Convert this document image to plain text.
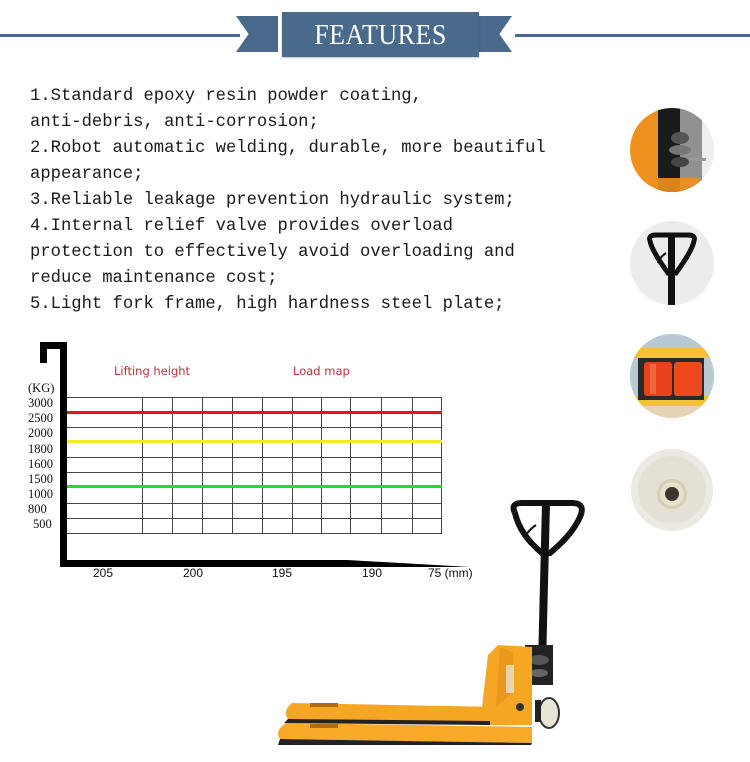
FEATURES
1.Standard epoxy resin powder coating,
anti-debris, anti-corrosion;
2.Robot automatic welding, durable, more beautiful
appearance;
3.Reliable leakage prevention hydraulic system;
4.Internal relief valve provides overload
protection to effectively avoid overloading and
reduce maintenance cost;
5.Light fork frame, high hardness steel plate;
Lifting height	Load map
(KG)
3000
2500
2000
1800
1600
1500
1000
800
500
205	200	195	190	75 (mm)
